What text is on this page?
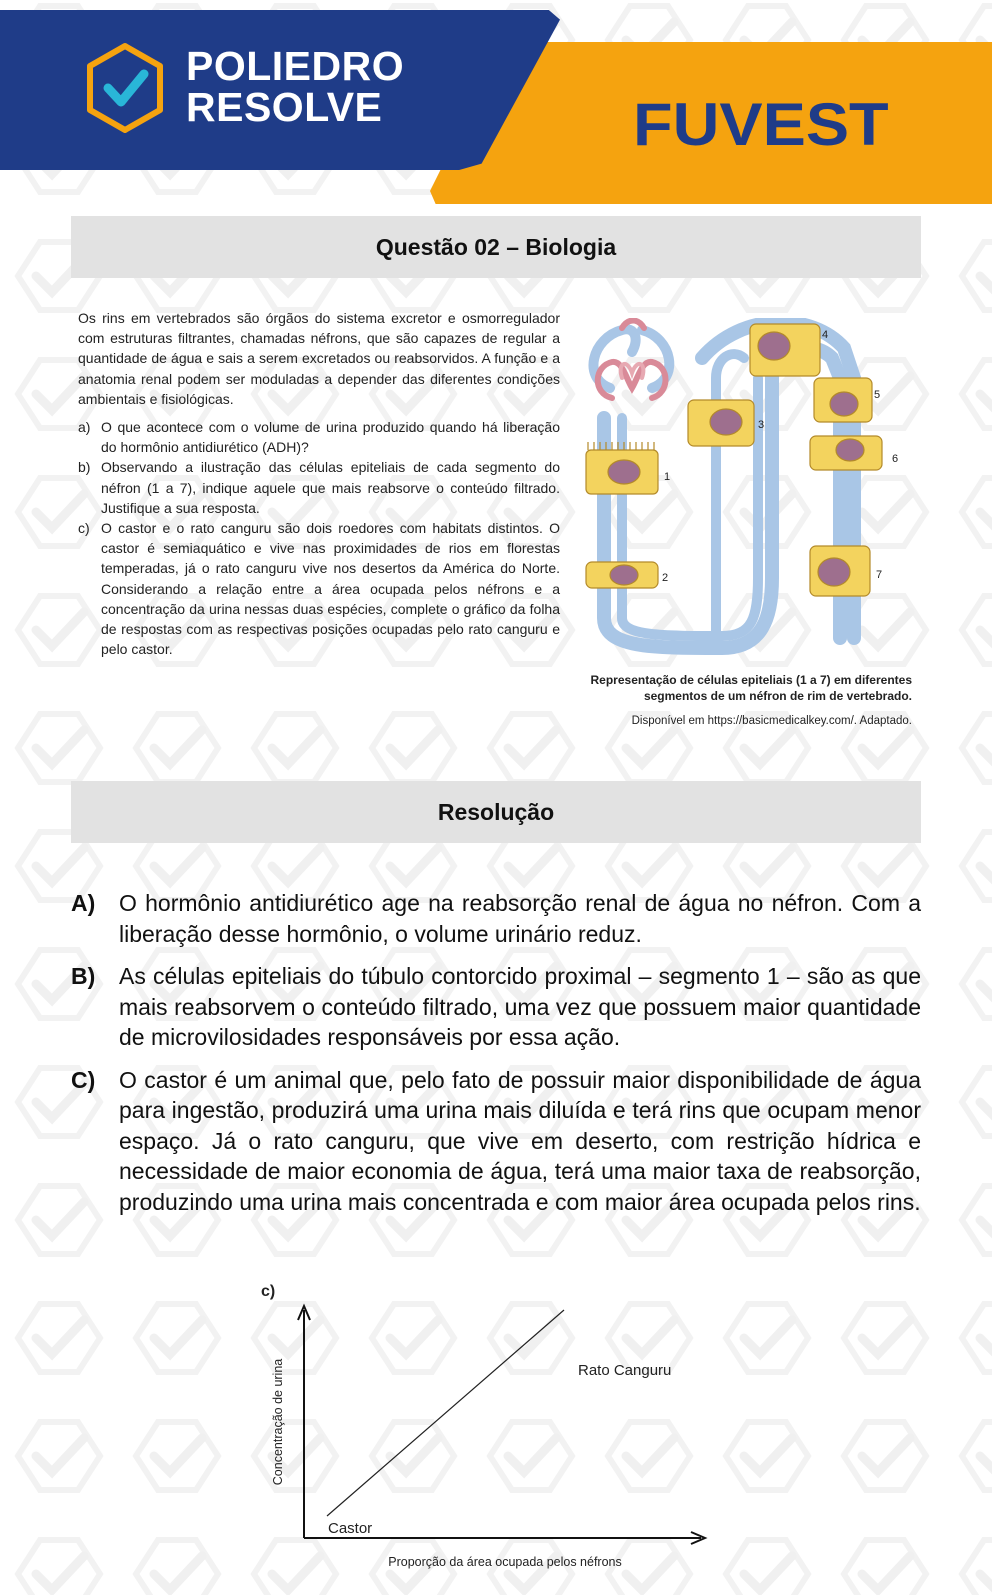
POLIEDRO
RESOLVE	FUVEST
Questão 02 – Biologia

Os rins em vertebrados são órgãos do sistema excretor e osmorregulador com estruturas filtrantes, chamadas néfrons, que são capazes de regular a quantidade de água e sais a serem excretados ou reabsorvidos. A função e a anatomia renal podem ser moduladas a depender das diferentes condições ambientais e fisiológicas.

a) O que acontece com o volume de urina produzido quando há liberação do hormônio antidiurético (ADH)?
b) Observando a ilustração das células epiteliais de cada segmento do néfron (1 a 7), indique aquele que mais reabsorve o conteúdo filtrado. Justifique a sua resposta.
c) O castor e o rato canguru são dois roedores com habitats distintos. O castor é semiaquático e vive nas proximidades de rios em florestas temperadas, já o rato canguru vive nos desertos da América do Norte. Considerando a relação entre a área ocupada pelos néfrons e a concentração da urina nessas duas espécies, complete o gráfico da folha de respostas com as respectivas posições ocupadas pelo rato canguru e pelo castor.
1
2
3
4
5
6
7
Representação de células epiteliais (1 a 7) em diferentes
segmentos de um néfron de rim de vertebrado.
Disponível em https://basicmedicalkey.com/. Adaptado.
Resolução
A)	O hormônio antidiurético age na reabsorção renal de água no néfron. Com a liberação desse hormônio, o volume urinário reduz.
B)	As células epiteliais do túbulo contorcido proximal – segmento 1 – são as que mais reabsorvem o conteúdo filtrado, uma vez que possuem maior quantidade de microvilosidades responsáveis por essa ação.
C)	O castor é um animal que, pelo fato de possuir maior disponibilidade de água para ingestão, produzirá uma urina mais diluída e terá rins que ocupam menor espaço. Já o rato canguru, que vive em deserto, com restrição hídrica e necessidade de maior economia de água, terá uma maior taxa de reabsorção, produzindo uma urina mais concentrada e com maior área ocupada pelos rins.
c)
Rato Canguru
Castor
Proporção da área ocupada pelos néfrons
Concentração de urina
